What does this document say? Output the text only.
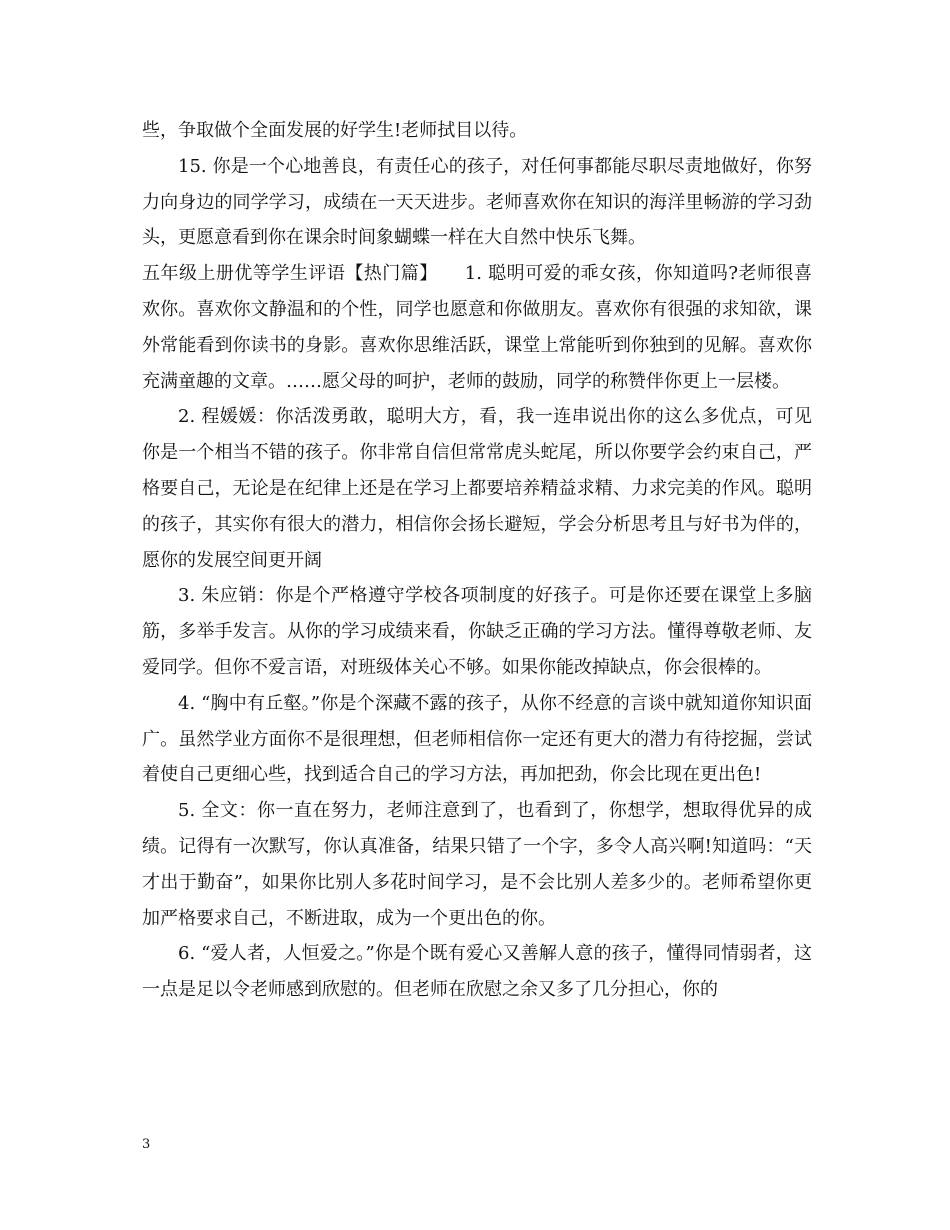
些，争取做个全面发展的好学生!老师拭目以待。

15. 你是一个心地善良，有责任心的孩子，对任何事都能尽职尽责地做好，你努力向身边的同学学习，成绩在一天天进步。老师喜欢你在知识的海洋里畅游的学习劲头，更愿意看到你在课余时间象蝴蝶一样在大自然中快乐飞舞。

五年级上册优等学生评语【热门篇】   1. 聪明可爱的乖女孩，你知道吗?老师很喜欢你。喜欢你文静温和的个性，同学也愿意和你做朋友。喜欢你有很强的求知欲，课外常能看到你读书的身影。喜欢你思维活跃，课堂上常能听到你独到的见解。喜欢你充满童趣的文章。……愿父母的呵护，老师的鼓励，同学的称赞伴你更上一层楼。

2. 程媛媛：你活泼勇敢，聪明大方，看，我一连串说出你的这么多优点，可见你是一个相当不错的孩子。你非常自信但常常虎头蛇尾，所以你要学会约束自己，严格要自己，无论是在纪律上还是在学习上都要培养精益求精、力求完美的作风。聪明的孩子，其实你有很大的潜力，相信你会扬长避短，学会分析思考且与好书为伴的，愿你的发展空间更开阔

3. 朱应销：你是个严格遵守学校各项制度的好孩子。可是你还要在课堂上多脑筋，多举手发言。从你的学习成绩来看，你缺乏正确的学习方法。懂得尊敬老师、友爱同学。但你不爱言语，对班级体关心不够。如果你能改掉缺点，你会很棒的。

4. “胸中有丘壑。”你是个深藏不露的孩子，从你不经意的言谈中就知道你知识面广。虽然学业方面你不是很理想，但老师相信你一定还有更大的潜力有待挖掘，尝试着使自己更细心些，找到适合自己的学习方法，再加把劲，你会比现在更出色!

5. 全文：你一直在努力，老师注意到了，也看到了，你想学，想取得优异的成绩。记得有一次默写，你认真准备，结果只错了一个字，多令人高兴啊!知道吗：“天才出于勤奋”，如果你比别人多花时间学习，是不会比别人差多少的。老师希望你更加严格要求自己，不断进取，成为一个更出色的你。

6. “爱人者，人恒爱之。”你是个既有爱心又善解人意的孩子，懂得同情弱者，这一点是足以令老师感到欣慰的。但老师在欣慰之余又多了几分担心，你的

3
